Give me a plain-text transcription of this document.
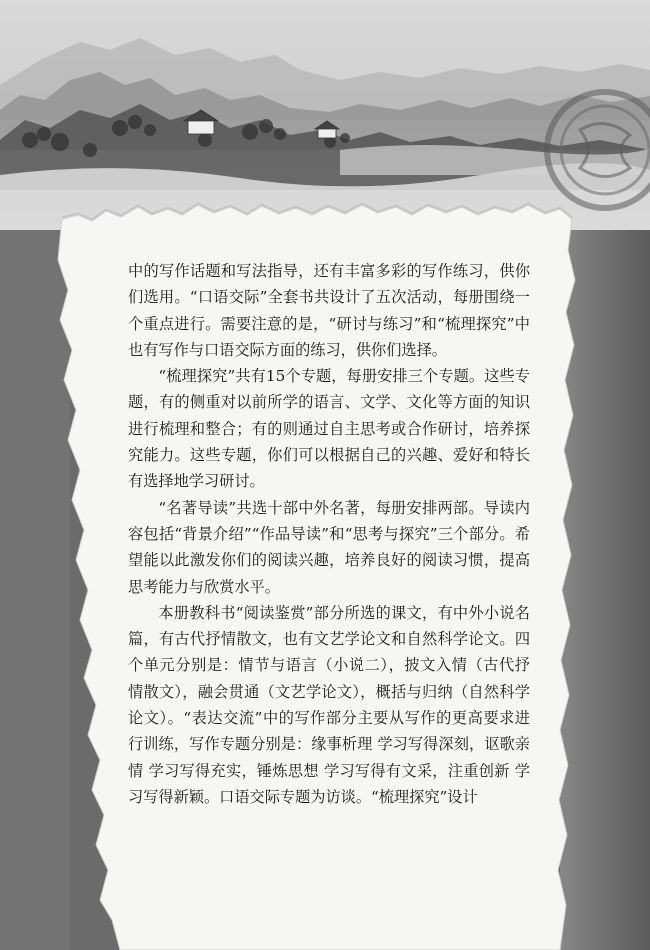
中的写作话题和写法指导，还有丰富多彩的写作练习，供你们选用。“口语交际”全套书共设计了五次活动，每册围绕一个重点进行。需要注意的是，“研讨与练习”和“梳理探究”中也有写作与口语交际方面的练习，供你们选择。

“梳理探究”共有15个专题，每册安排三个专题。这些专题，有的侧重对以前所学的语言、文学、文化等方面的知识进行梳理和整合；有的则通过自主思考或合作研讨，培养探究能力。这些专题，你们可以根据自己的兴趣、爱好和特长有选择地学习研讨。

“名著导读”共选十部中外名著，每册安排两部。导读内容包括“背景介绍”“作品导读”和“思考与探究”三个部分。希望能以此激发你们的阅读兴趣，培养良好的阅读习惯，提高思考能力与欣赏水平。

本册教科书“阅读鉴赏”部分所选的课文，有中外小说名篇，有古代抒情散文，也有文艺学论文和自然科学论文。四个单元分别是：情节与语言（小说二），披文入情（古代抒情散文），融会贯通（文艺学论文），概括与归纳（自然科学论文）。“表达交流”中的写作部分主要从写作的更高要求进行训练，写作专题分别是：缘事析理 学习写得深刻，讴歌亲情 学习写得充实，锤炼思想 学习写得有文采，注重创新 学习写得新颖。口语交际专题为访谈。“梳理探究”设计
